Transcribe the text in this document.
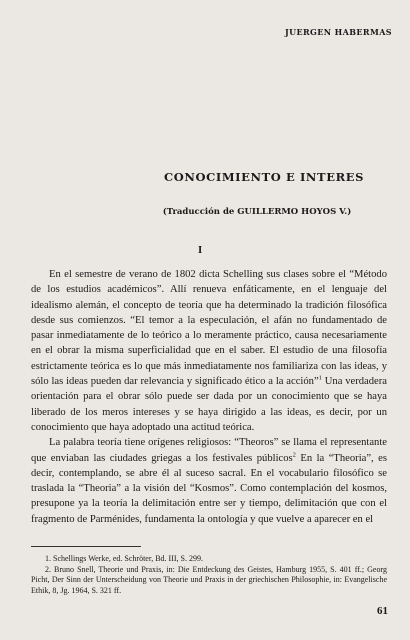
JUERGEN HABERMAS
CONOCIMIENTO E INTERES
(Traducción de GUILLERMO HOYOS V.)
I

En el semestre de verano de 1802 dicta Schelling sus clases sobre el “Método de los estudios académicos”. Allí renueva enfáticamente, en el lenguaje del idealismo alemán, el concepto de teoría que ha determinado la tradición filosófica desde sus comienzos. “El temor a la especulación, el afán no fundamentado de pasar inmediatamente de lo teórico a lo meramente práctico, causa necesariamente en el obrar la misma superficialidad que en el saber. El estudio de una filosofía estrictamente teórica es lo que más inmediatamente nos familiariza con las ideas, y sólo las ideas pueden dar relevancia y significado ético a la acción”$^1$ Una verdadera orientación para el obrar sólo puede ser dada por un conocimiento que se haya liberado de los meros intereses y se haya dirigido a las ideas, es decir, por un conocimiento que haya adoptado una actitud teórica.

La palabra teoría tiene orígenes religiosos: “Theoros” se llama el representante que enviaban las ciudades griegas a los festivales públicos$^2$ En la “Theoria”, es decir, contemplando, se abre él al suceso sacral. En el vocabulario filosófico se traslada la “Theoria” a la visión del “Kosmos”. Como contemplación del kosmos, presupone ya la teoría la delimitación entre ser y tiempo, delimitación que con el fragmento de Parménides, fundamenta la ontología y que vuelve a aparecer en el

1. Schellings Werke, ed. Schröter, Bd. III, S. 299.

2. Bruno Snell, Theorie und Praxis, in: Die Entdeckung des Geistes, Hamburg 1955, S. 401 ff.; Georg Picht, Der Sinn der Unterscheidung von Theorie und Praxis in der griechischen Philosophie, in: Evangelische Ethik, 8, Jg. 1964, S. 321 ff.

61
